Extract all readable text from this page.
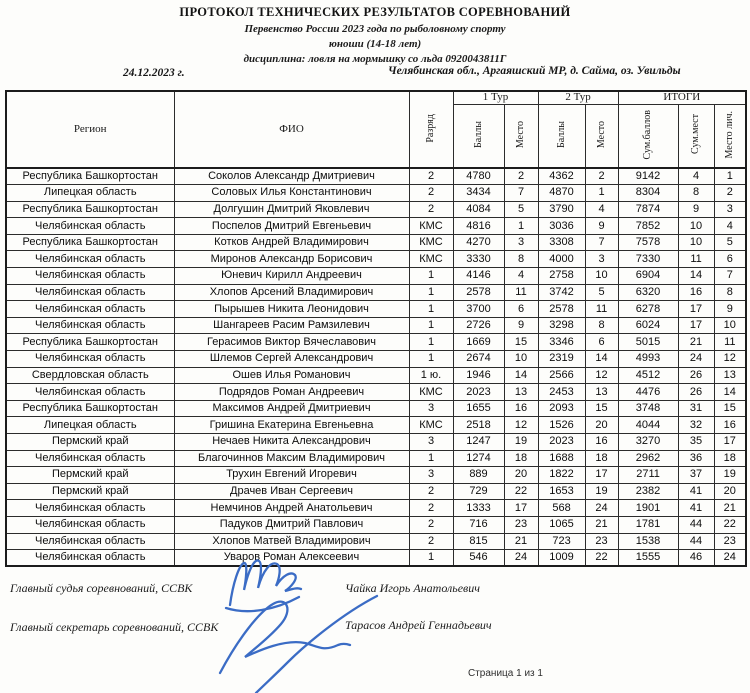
ПРОТОКОЛ ТЕХНИЧЕСКИХ РЕЗУЛЬТАТОВ СОРЕВНОВАНИЙ
Первенство России 2023 года по рыболовному спорту
юноши (14-18 лет)
дисциплина: ловля на мормышку со льда 0920043811Г
24.12.2023 г.	Челябинская обл., Аргаяшский МР, д. Сайма, оз. Увильды
Регион	ФИО	Разряд	1 Тур		2 Тур		ИТОГИ		
			Баллы	Место	Баллы	Место	Сум.баллов	Сум.мест	Место лич.
Республика Башкортостан	Соколов Александр Дмитриевич	2	4780	2	4362	2	9142	4	1
Липецкая область	Соловых Илья Константинович	2	3434	7	4870	1	8304	8	2
Республика Башкортостан	Долгушин Дмитрий Яковлевич	2	4084	5	3790	4	7874	9	3
Челябинская область	Поспелов Дмитрий Евгеньевич	КМС	4816	1	3036	9	7852	10	4
Республика Башкортостан	Котков Андрей Владимирович	КМС	4270	3	3308	7	7578	10	5
Челябинская область	Миронов Александр Борисович	КМС	3330	8	4000	3	7330	11	6
Челябинская область	Юневич Кирилл Андреевич	1	4146	4	2758	10	6904	14	7
Челябинская область	Хлопов Арсений Владимирович	1	2578	11	3742	5	6320	16	8
Челябинская область	Пырышев Никита Леонидович	1	3700	6	2578	11	6278	17	9
Челябинская область	Шангареев Расим Рамзилевич	1	2726	9	3298	8	6024	17	10
Республика Башкортостан	Герасимов Виктор Вячеславович	1	1669	15	3346	6	5015	21	11
Челябинская область	Шлемов Сергей Александрович	1	2674	10	2319	14	4993	24	12
Свердловская область	Ошев Илья Романович	1 ю.	1946	14	2566	12	4512	26	13
Челябинская область	Подрядов Роман Андреевич	КМС	2023	13	2453	13	4476	26	14
Республика Башкортостан	Максимов Андрей Дмитриевич	3	1655	16	2093	15	3748	31	15
Липецкая область	Гришина Екатерина Евгеньевна	КМС	2518	12	1526	20	4044	32	16
Пермский край	Нечаев Никита Александрович	3	1247	19	2023	16	3270	35	17
Челябинская область	Благочиннов Максим Владимирович	1	1274	18	1688	18	2962	36	18
Пермский край	Трухин Евгений Игоревич	3	889	20	1822	17	2711	37	19
Пермский край	Драчев Иван Сергеевич	2	729	22	1653	19	2382	41	20
Челябинская область	Немчинов Андрей Анатольевич	2	1333	17	568	24	1901	41	21
Челябинская область	Падуков Дмитрий Павлович	2	716	23	1065	21	1781	44	22
Челябинская область	Хлопов Матвей Владимирович	2	815	21	723	23	1538	44	23
Челябинская область	Уваров Роман Алексеевич	1	546	24	1009	22	1555	46	24
Главный судья соревнований, ССВК	Чайка Игорь Анатольевич
Главный секретарь соревнований, ССВК	Тарасов Андрей Геннадьевич
Страница 1 из 1
